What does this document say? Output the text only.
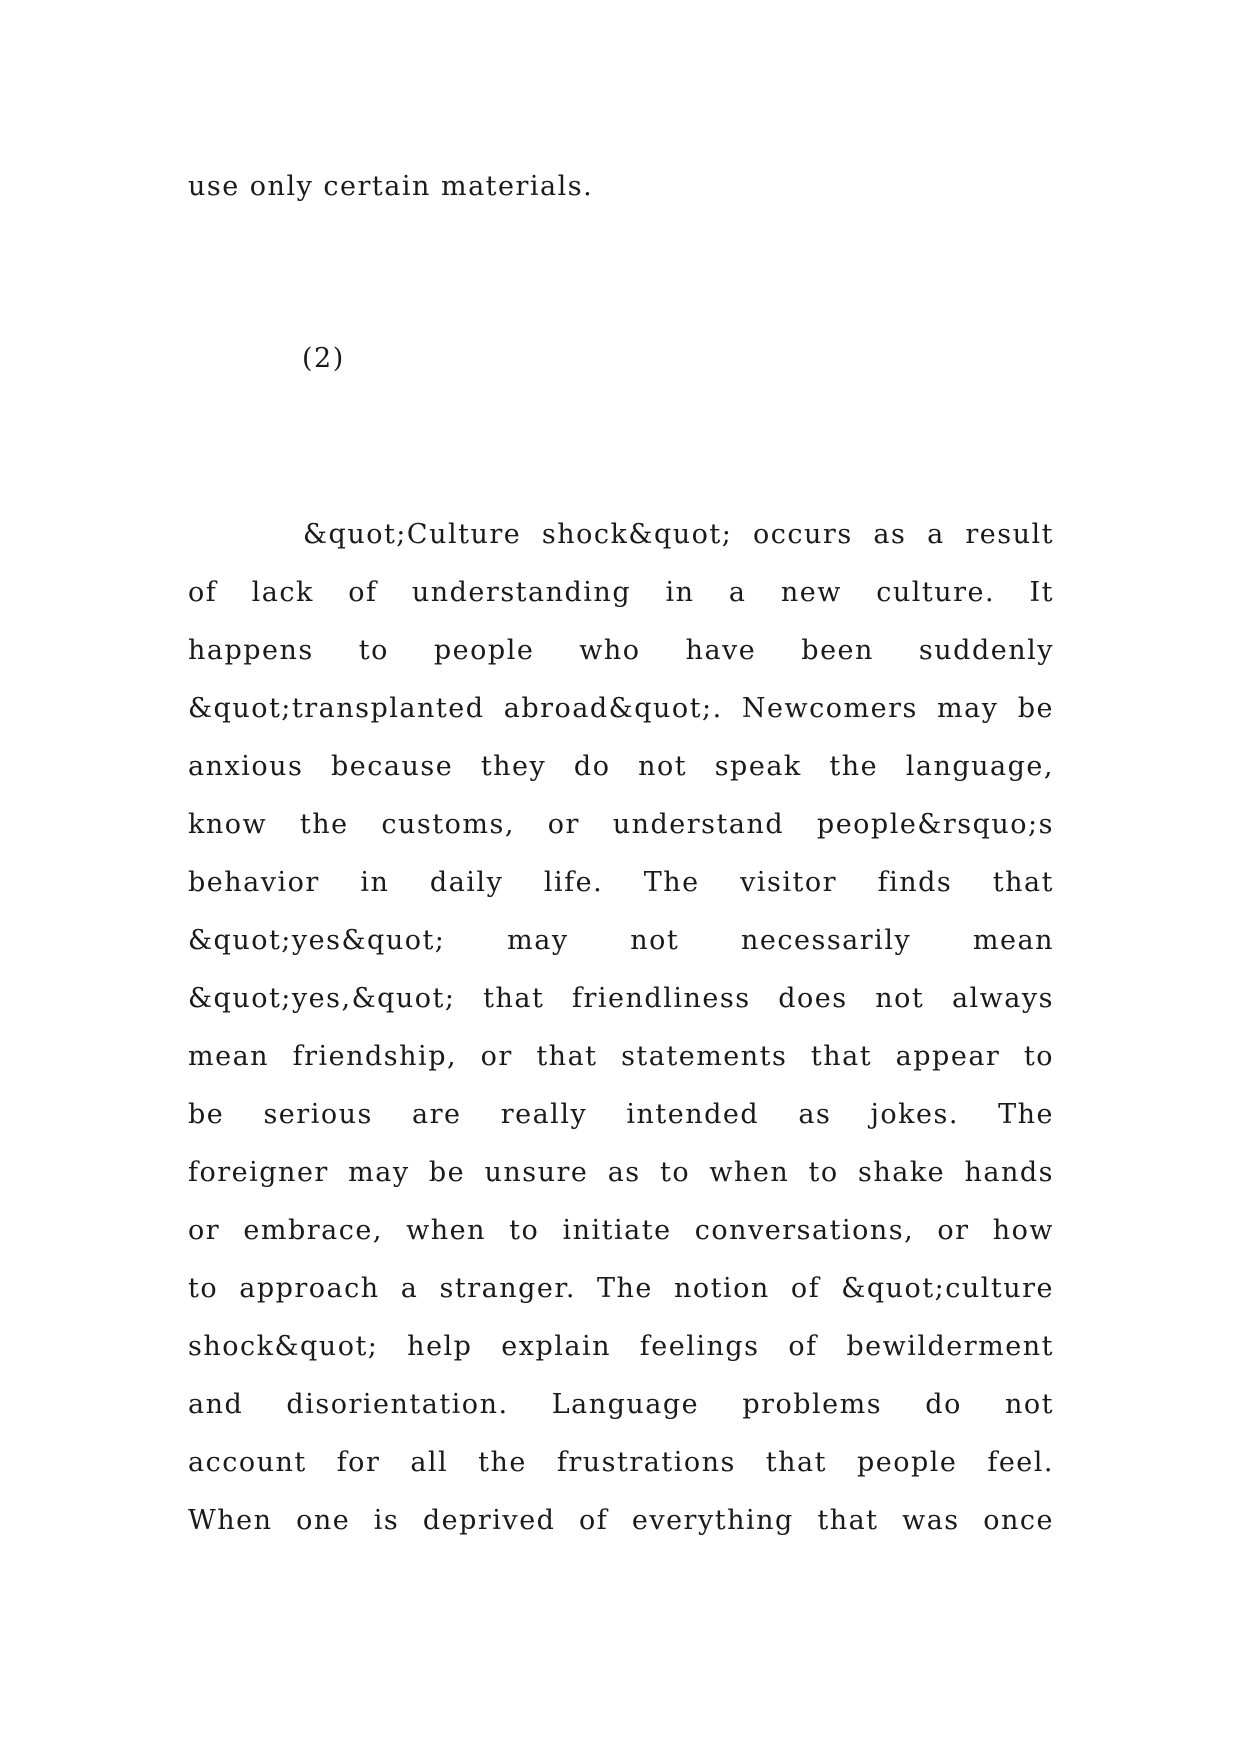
use only certain materials.
(2)
&quot;Culture shock&quot; occurs as a result
of lack of understanding in a new culture. It
happens to people who have been suddenly
&quot;transplanted abroad&quot;. Newcomers may be
anxious because they do not speak the language,
know the customs, or understand people&rsquo;s
behavior in daily life. The visitor finds that
&quot;yes&quot; may not necessarily mean
&quot;yes,&quot; that friendliness does not always
mean friendship, or that statements that appear to
be serious are really intended as jokes. The
foreigner may be unsure as to when to shake hands
or embrace, when to initiate conversations, or how
to approach a stranger. The notion of &quot;culture
shock&quot; help explain feelings of bewilderment
and disorientation. Language problems do not
account for all the frustrations that people feel.
When one is deprived of everything that was once
